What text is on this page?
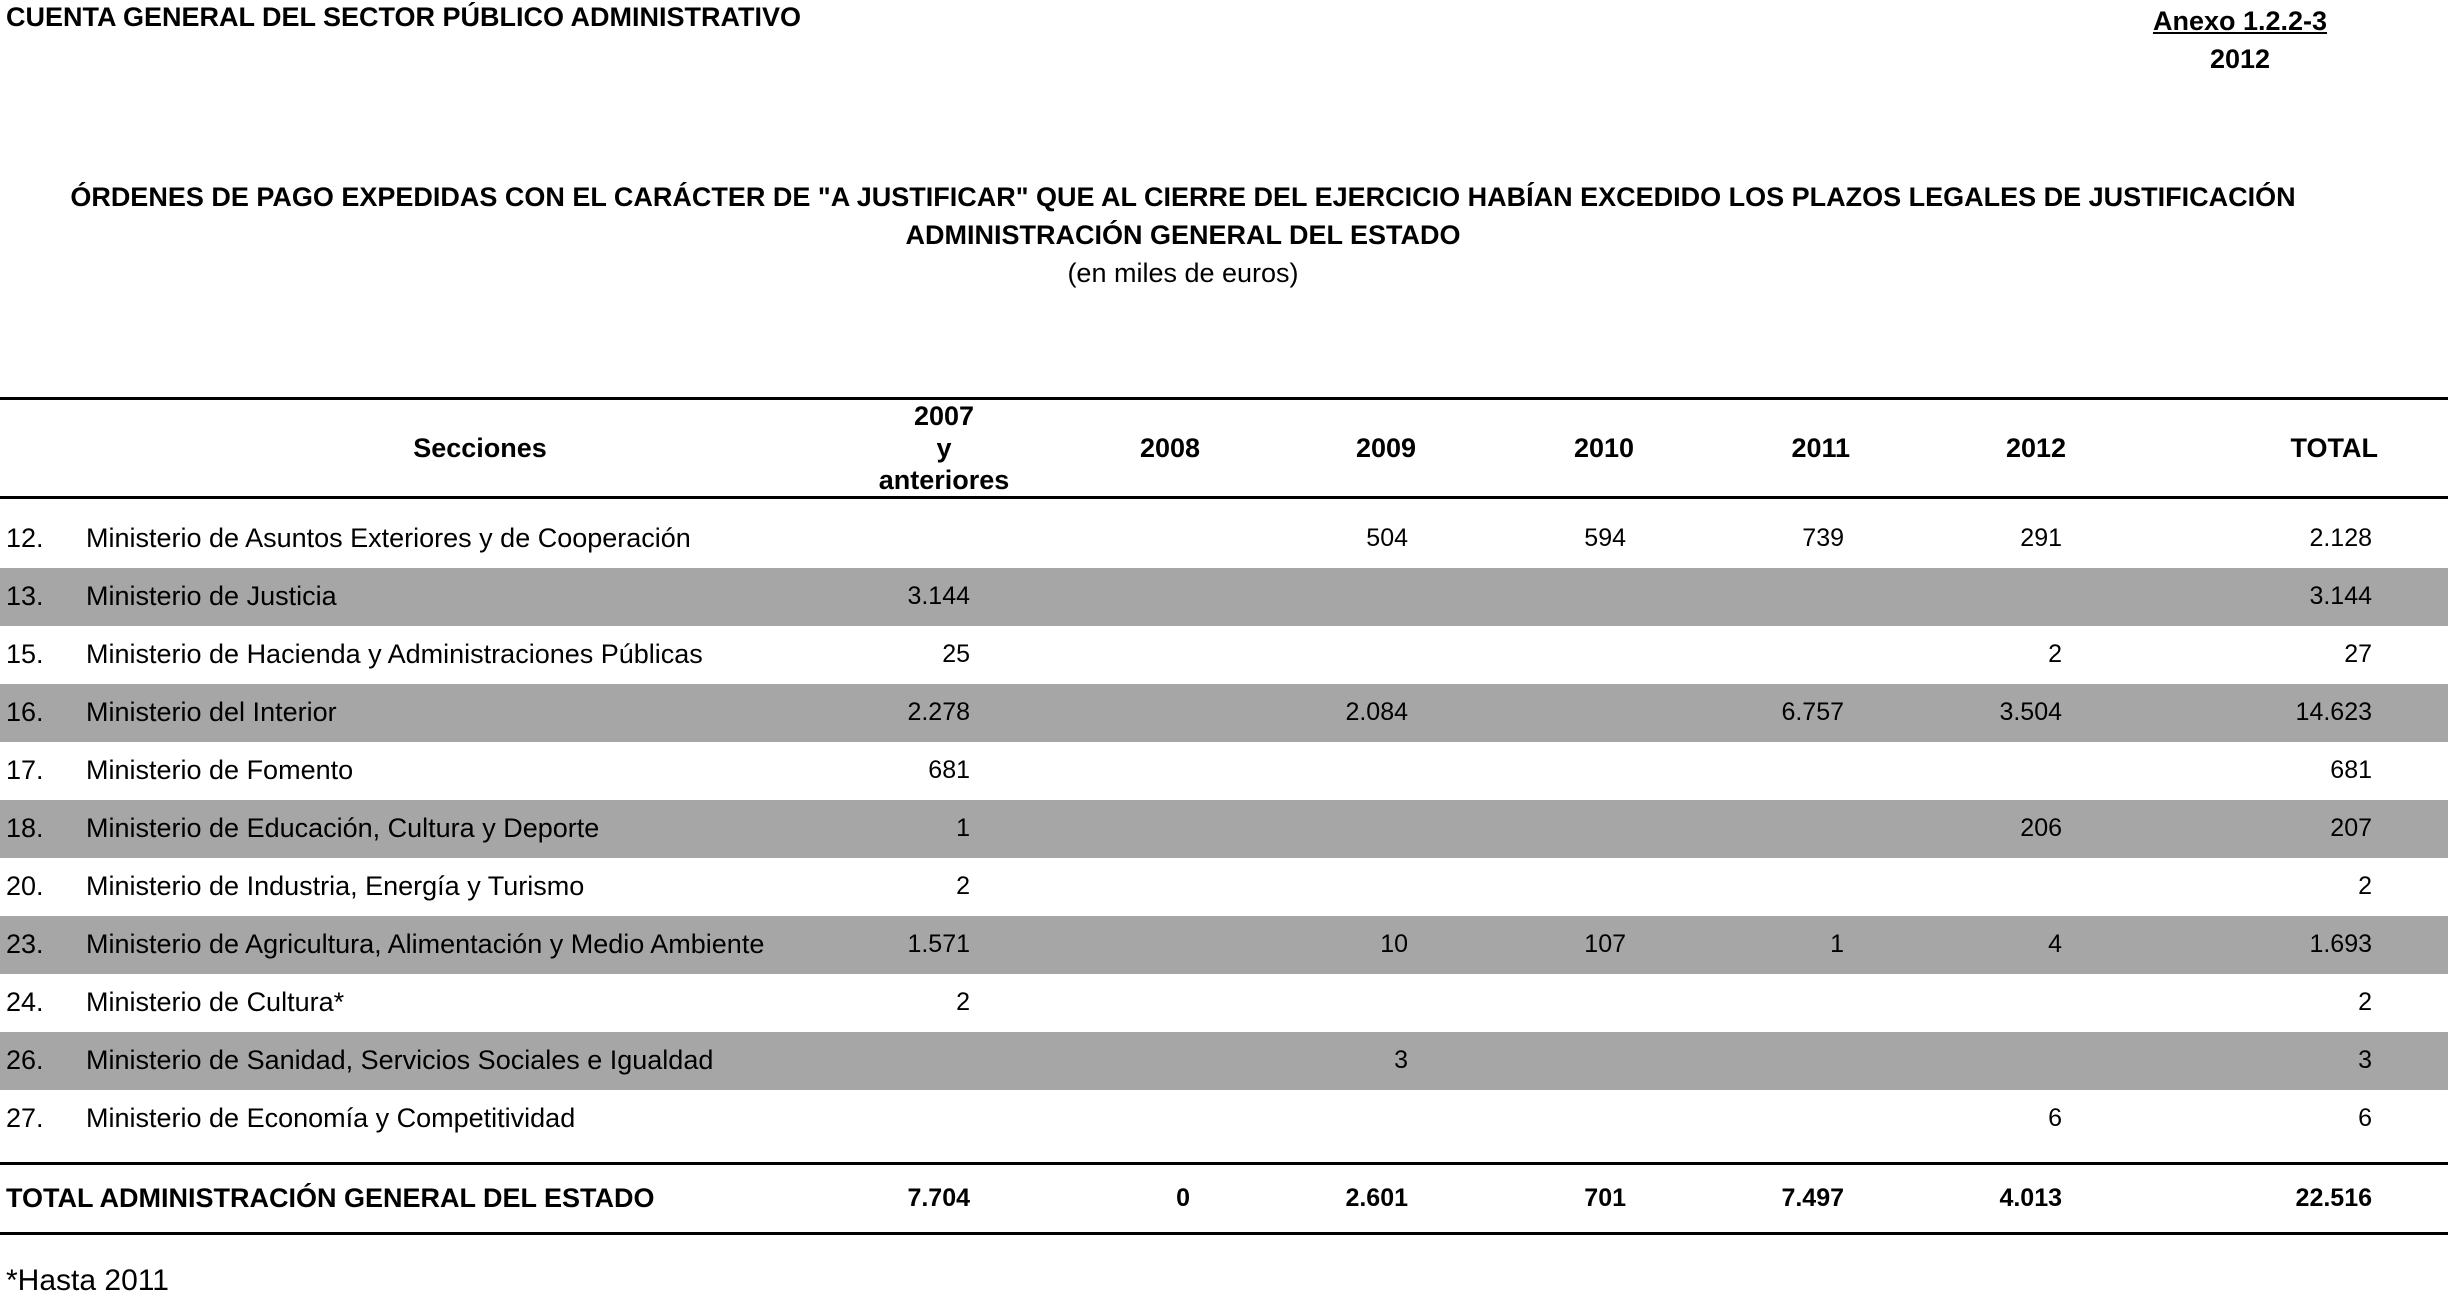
CUENTA GENERAL DEL SECTOR PÚBLICO ADMINISTRATIVO	Anexo 1.2.2-3
2012
ÓRDENES DE PAGO EXPEDIDAS CON EL CARÁCTER DE "A JUSTIFICAR" QUE AL CIERRE DEL EJERCICIO HABÍAN EXCEDIDO LOS PLAZOS LEGALES DE JUSTIFICACIÓN
ADMINISTRACIÓN GENERAL DEL ESTADO
(en miles de euros)
Secciones		2007
y anteriores	2008	2009	2010	2011	2012	TOTAL

12.	Ministerio de Asuntos Exteriores y de Cooperación			504	594	739	291	2.128
13.	Ministerio de Justicia	3.144						3.144
15.	Ministerio de Hacienda y Administraciones Públicas	25					2	27
16.	Ministerio del Interior	2.278		2.084		6.757	3.504	14.623
17.	Ministerio de Fomento	681						681
18.	Ministerio de Educación, Cultura y Deporte	1					206	207
20.	Ministerio de Industria, Energía y Turismo	2						2
23.	Ministerio de Agricultura, Alimentación y Medio Ambiente	1.571		10	107	1	4	1.693
24.	Ministerio de Cultura*	2						2
26.	Ministerio de Sanidad, Servicios Sociales e Igualdad			3				3
27.	Ministerio de Economía y Competitividad						6	6

TOTAL ADMINISTRACIÓN GENERAL DEL ESTADO		7.704	0	2.601	701	7.497	4.013	22.516
*Hasta 2011
